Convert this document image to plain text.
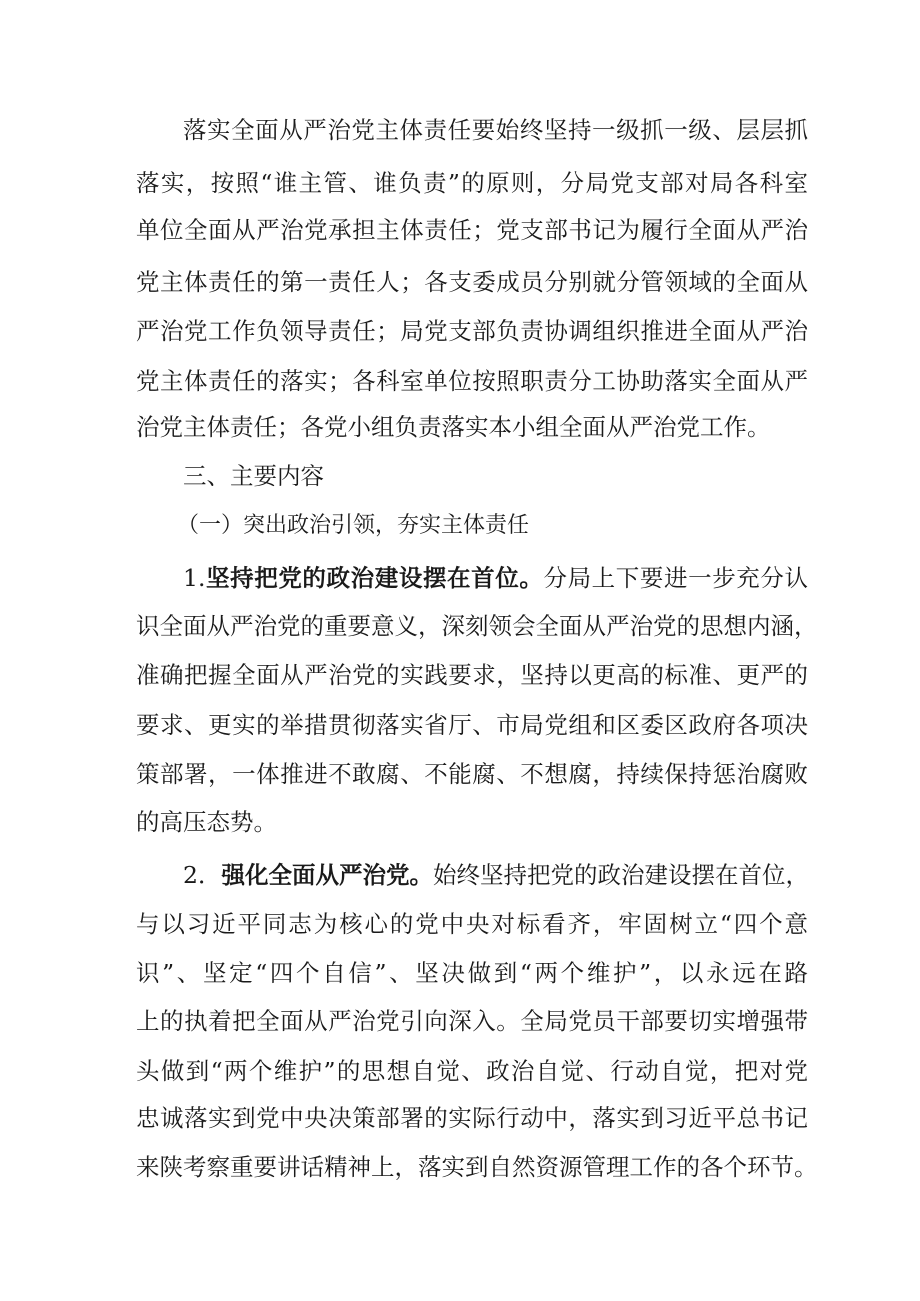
落实全面从严治党主体责任要始终坚持一级抓一级、层层抓
落实，按照“谁主管、谁负责”的原则，分局党支部对局各科室
单位全面从严治党承担主体责任；党支部书记为履行全面从严治
党主体责任的第一责任人；各支委成员分别就分管领域的全面从
严治党工作负领导责任；局党支部负责协调组织推进全面从严治
党主体责任的落实；各科室单位按照职责分工协助落实全面从严
治党主体责任；各党小组负责落实本小组全面从严治党工作。
三、主要内容
（一）突出政治引领，夯实主体责任
1.坚持把党的政治建设摆在首位。分局上下要进一步充分认
识全面从严治党的重要意义，深刻领会全面从严治党的思想内涵，
准确把握全面从严治党的实践要求，坚持以更高的标准、更严的
要求、更实的举措贯彻落实省厅、市局党组和区委区政府各项决
策部署，一体推进不敢腐、不能腐、不想腐，持续保持惩治腐败
的高压态势。
2．强化全面从严治党。始终坚持把党的政治建设摆在首位，
与以习近平同志为核心的党中央对标看齐，牢固树立“四个意
识”、坚定“四个自信”、坚决做到“两个维护”，以永远在路
上的执着把全面从严治党引向深入。全局党员干部要切实增强带
头做到“两个维护”的思想自觉、政治自觉、行动自觉，把对党
忠诚落实到党中央决策部署的实际行动中，落实到习近平总书记
来陕考察重要讲话精神上，落实到自然资源管理工作的各个环节。
